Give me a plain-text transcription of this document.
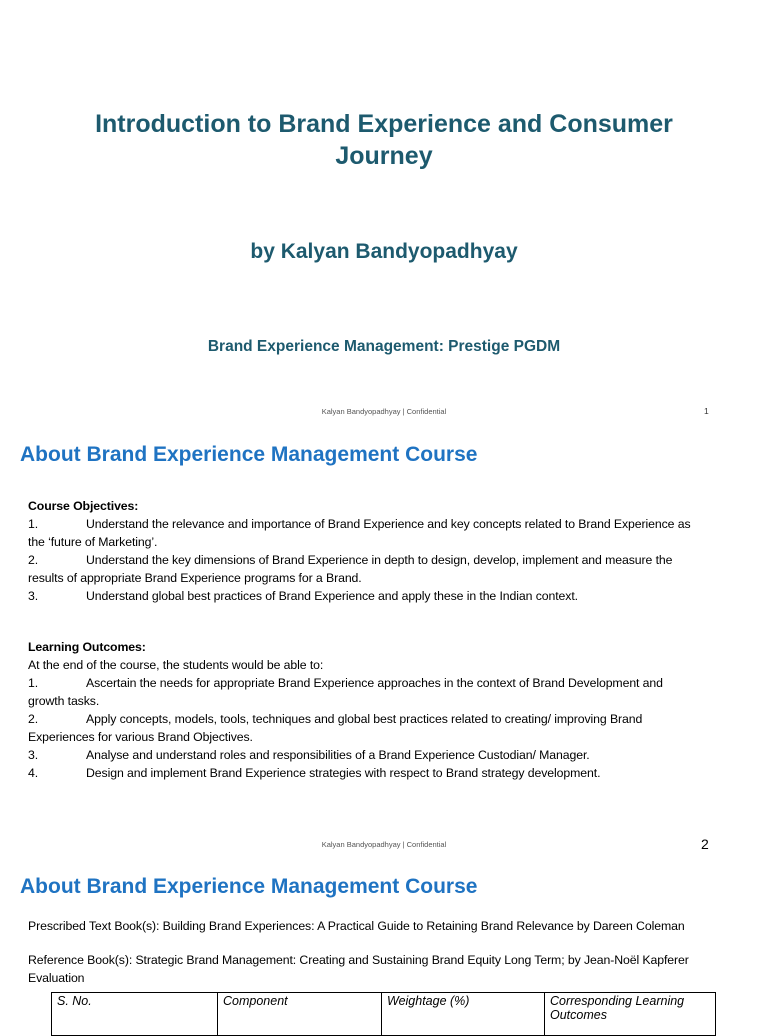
Introduction to Brand Experience and Consumer Journey
by Kalyan Bandyopadhyay
Brand Experience Management: Prestige PGDM
Kalyan Bandyopadhyay | Confidential	1
About Brand Experience Management Course
Course Objectives:
1.	Understand the relevance and importance of Brand Experience and key concepts related to Brand Experience as
the ‘future of Marketing’.
2.	Understand the key dimensions of Brand Experience in depth to design, develop, implement and measure the
results of appropriate Brand Experience programs for a Brand.
3.	Understand global best practices of Brand Experience and apply these in the Indian context.
Learning Outcomes:
At the end of the course, the students would be able to:
1.	Ascertain the needs for appropriate Brand Experience approaches in the context of Brand Development and
growth tasks.
2.	Apply concepts, models, tools, techniques and global best practices related to creating/ improving Brand
Experiences for various Brand Objectives.
3.	Analyse and understand roles and responsibilities of a Brand Experience Custodian/ Manager.
4.	Design and implement Brand Experience strategies with respect to Brand strategy development.
Kalyan Bandyopadhyay | Confidential	2
About Brand Experience Management Course
Prescribed Text Book(s): Building Brand Experiences: A Practical Guide to Retaining Brand Relevance by Dareen Coleman
Reference Book(s): Strategic Brand Management: Creating and Sustaining Brand Equity Long Term; by Jean-Noël Kapferer
Evaluation
S. No.	Component	Weightage (%)	Corresponding Learning Outcomes
